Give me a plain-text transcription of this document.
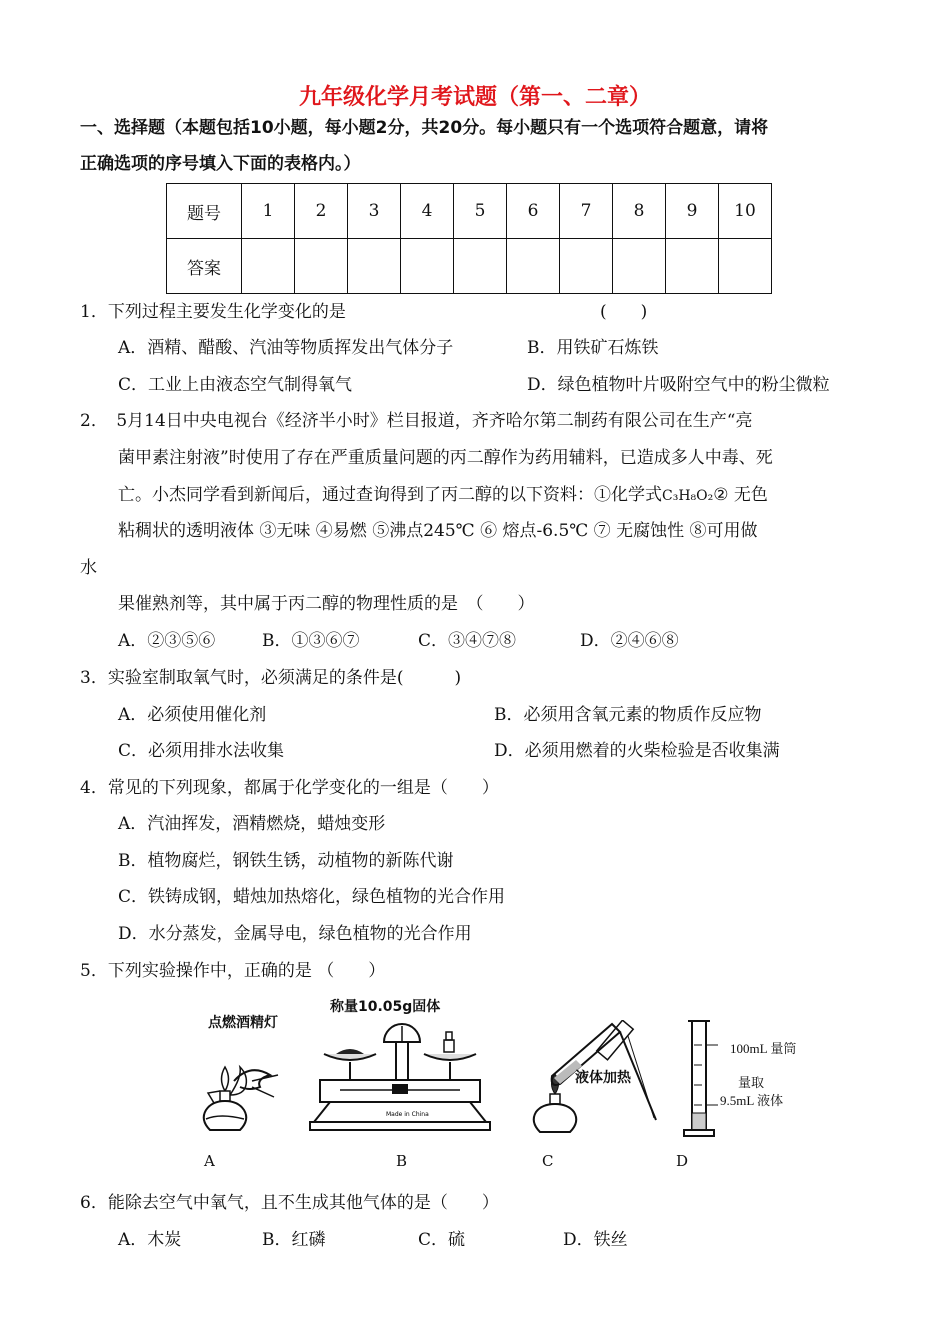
九年级化学月考试题（第一、二章）
一、选择题（本题包括10小题，每小题2分，共20分。每小题只有一个选项符合题意，请将
正确选项的序号填入下面的表格内。）
题号	1	2	3	4	5	6	7	8	9	10
答案										
1．下列过程主要发生化学变化的是	(　　)
A．酒精、醋酸、汽油等物质挥发出气体分子	B．用铁矿石炼铁
C．工业上由液态空气制得氧气	D．绿色植物叶片吸附空气中的粉尘微粒
2．　5月14日中央电视台《经济半小时》栏目报道，齐齐哈尔第二制药有限公司在生产“亮
菌甲素注射液”时使用了存在严重质量问题的丙二醇作为药用辅料，已造成多人中毒、死
亡。小杰同学看到新闻后，通过查询得到了丙二醇的以下资料：①化学式C₃H₈O₂② 无色
粘稠状的透明液体 ③无味 ④易燃 ⑤沸点245℃ ⑥ 熔点-6.5℃ ⑦ 无腐蚀性 ⑧可用做
水
果催熟剂等，其中属于丙二醇的物理性质的是　（　　）
A．②③⑤⑥	B．①③⑥⑦	C．③④⑦⑧	D．②④⑥⑧
3．实验室制取氧气时，必须满足的条件是(　　　)
A．必须使用催化剂	B．必须用含氧元素的物质作反应物
C．必须用排水法收集	D．必须用燃着的火柴检验是否收集满
4．常见的下列现象，都属于化学变化的一组是（　　）
A．汽油挥发，酒精燃烧，蜡烛变形
B．植物腐烂，钢铁生锈，动植物的新陈代谢
C．铁铸成钢，蜡烛加热熔化，绿色植物的光合作用
D．水分蒸发，金属导电，绿色植物的光合作用
5．下列实验操作中，正确的是 （　　）
点燃酒精灯
A
称量10.05g固体
Made in China
B
液体加热
C
100mL 量筒
量取
9.5mL 液体
D
6．能除去空气中氧气，且不生成其他气体的是（　　）
A．木炭	B．红磷	C．硫	D．铁丝
